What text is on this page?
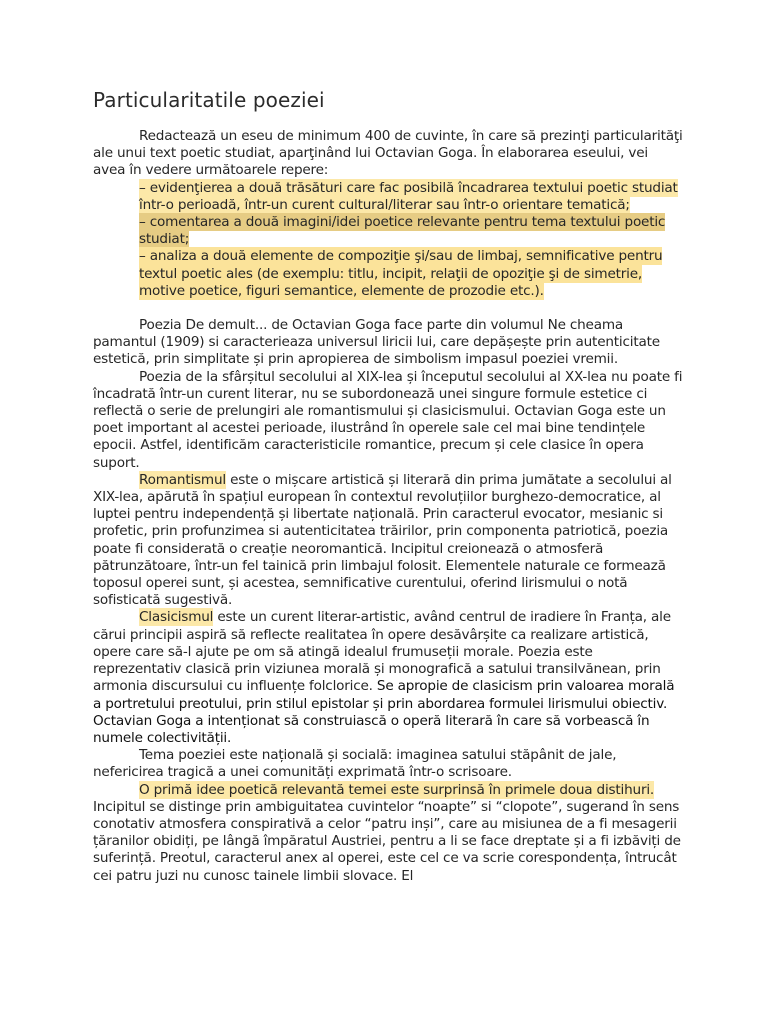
Particularitatile poeziei

Redactează un eseu de minimum 400 de cuvinte, în care să prezinţi particularităţi ale unui text poetic studiat, aparţinând lui Octavian Goga. În elaborarea eseului, vei avea în vedere următoarele repere:

– evidenţierea a două trăsături care fac posibilă încadrarea textului poetic studiat într-o perioadă, într-un curent cultural/literar sau într-o orientare tematică;
– comentarea a două imagini/idei poetice relevante pentru tema textului poetic studiat;
– analiza a două elemente de compoziţie şi/sau de limbaj, semnificative pentru textul poetic ales (de exemplu: titlu, incipit, relaţii de opoziţie şi de simetrie, motive poetice, figuri semantice, elemente de prozodie etc.).

Poezia De demult... de Octavian Goga face parte din volumul Ne cheama pamantul (1909) si caracterieaza universul liricii lui, care depășește prin autenticitate estetică, prin simplitate și prin apropierea de simbolism impasul poeziei vremii.

Poezia de la sfârșitul secolului al XIX-lea și începutul secolului al XX-lea nu poate fi încadrată într-un curent literar, nu se subordonează unei singure formule estetice ci reflectă o serie de prelungiri ale romantismului și clasicismului. Octavian Goga este un poet important al acestei perioade, ilustrând în operele sale cel mai bine tendințele epocii. Astfel, identificăm caracteristicile romantice, precum și cele clasice în opera suport.

Romantismul este o mișcare artistică și literară din prima jumătate a secolului al XIX-lea, apărută în spațiul european în contextul revoluțiilor burghezo-democratice, al luptei pentru independență și libertate națională. Prin caracterul evocator, mesianic si profetic, prin profunzimea si autenticitatea trăirilor, prin componenta patriotică, poezia poate fi considerată o creație neoromantică. Incipitul creionează o atmosferă pătrunzătoare, într-un fel tainică prin limbajul folosit. Elementele naturale ce formează toposul operei sunt, și acestea, semnificative curentului, oferind lirismului o notă sofisticată sugestivă.

Clasicismul este un curent literar-artistic, având centrul de iradiere în Franța, ale cărui principii aspiră să reflecte realitatea în opere desăvârșite ca realizare artistică, opere care să-l ajute pe om să atingă idealul frumuseții morale. Poezia este reprezentativ clasică prin viziunea morală și monografică a satului transilvănean, prin armonia discursului cu influențe folclorice. Se apropie de clasicism prin valoarea morală a portretului preotului, prin stilul epistolar și prin abordarea formulei lirismului obiectiv. Octavian Goga a intenționat să construiască o operă literară în care să vorbească în numele colectivității.

Tema poeziei este națională și socială: imaginea satului stăpânit de jale, nefericirea tragică a unei comunități exprimată într-o scrisoare.

O primă idee poetică relevantă temei este surprinsă în primele doua distihuri. Incipitul se distinge prin ambiguitatea cuvintelor “noapte” si “clopote”, sugerand în sens conotativ atmosfera conspirativă a celor “patru inși”, care au misiunea de a fi mesagerii țăranilor obidiți, pe lângă împăratul Austriei, pentru a li se face dreptate și a fi izbăviți de suferință. Preotul, caracterul anex al operei, este cel ce va scrie corespondența, întrucât cei patru juzi nu cunosc tainele limbii slovace. El
